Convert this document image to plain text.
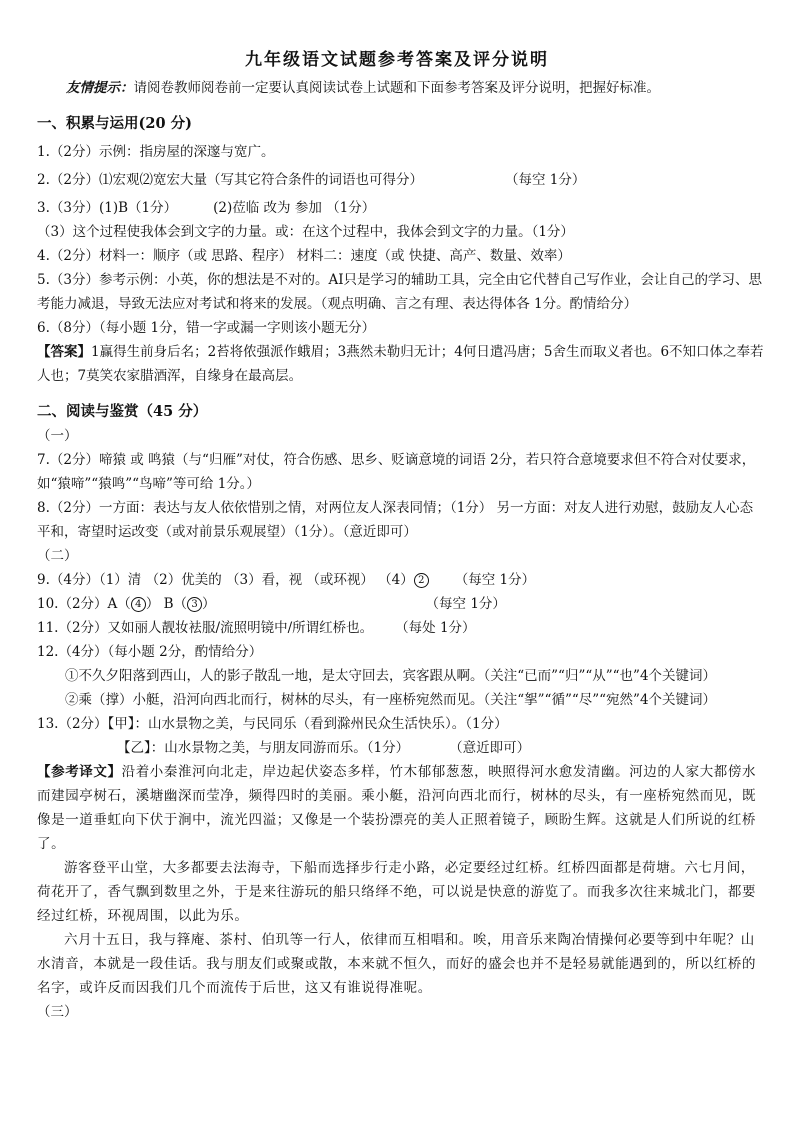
九年级语文试题参考答案及评分说明
友情提示：请阅卷教师阅卷前一定要认真阅读试卷上试题和下面参考答案及评分说明，把握好标准。
一、积累与运用(20 分)
1.（2分）示例：指房屋的深邃与宽广。
2.（2分）⑴宏观⑵宽宏大量（写其它符合条件的词语也可得分）	（每空 1分）
3.（3分）(1)B（1分）	(2)莅临 改为 参加 （1分）
（3）这个过程使我体会到文字的力量。或：在这个过程中，我体会到文字的力量。（1分）
4.（2分）材料一：顺序（或 思路、程序） 材料二：速度（或 快捷、高产、数量、效率）
5.（3分）参考示例：小英，你的想法是不对的。AI只是学习的辅助工具，完全由它代替自己写作业，会让自己的学习、思考能力减退，导致无法应对考试和将来的发展。（观点明确、言之有理、表达得体各 1分。酌情给分）
6.（8分）（每小题 1分，错一字或漏一字则该小题无分）
【答案】1赢得生前身后名；2苔将侬强派作蛾眉；3燕然未勒归无计；4何日遣冯唐；5舍生而取义者也。6不知口体之奉若人也；7莫笑农家腊酒浑，自缘身在最高层。
二、阅读与鉴赏（45 分）
（一）
7.（2分）啼猿 或 鸣猿（与“归雁”对仗，符合伤感、思乡、贬谪意境的词语 2分，若只符合意境要求但不符合对仗要求，如“猿啼”“猿鸣”“鸟啼”等可给 1分。）
8.（2分）一方面：表达与友人依依惜别之情，对两位友人深表同情；（1分） 另一方面：对友人进行劝慰，鼓励友人心态平和，寄望时运改变（或对前景乐观展望）（1分）。（意近即可）
（二）
9.（4分）（1）清 （2）优美的 （3）看，视 （或环视） （4） 2 （每空 1分）
10.（2分）A（ 4 ） B（ 3 ）	（每空 1分）
11.（2分）又如丽人靓妆袪服/流照明镜中/所谓红桥也。 （每处 1分）
12.（4分）（每小题 2分，酌情给分）
①不久夕阳落到西山，人的影子散乱一地，是太守回去，宾客跟从啊。（关注“已而”“归”“从”“也”4个关键词）
②乘（撑）小艇，沿河向西北而行，树林的尽头，有一座桥宛然而见。（关注“挐”“循”“尽”“宛然”4个关键词）
13.（2分）【甲】：山水景物之美，与民同乐（看到滁州民众生活快乐）。（1分）
【乙】：山水景物之美，与朋友同游而乐。（1分）	（意近即可）
【参考译文】沿着小秦淮河向北走，岸边起伏姿态多样，竹木郁郁葱葱，映照得河水愈发清幽。河边的人家大都傍水而建园亭树石，溪塘幽深而莹净，频得四时的美丽。乘小艇，沿河向西北而行，树林的尽头，有一座桥宛然而见，既像是一道垂虹向下伏于涧中，流光四溢；又像是一个装扮漂亮的美人正照着镜子，顾盼生辉。这就是人们所说的红桥了。
游客登平山堂，大多都要去法海寺，下船而选择步行走小路，必定要经过红桥。红桥四面都是荷塘。六七月间，荷花开了，香气飘到数里之外，于是来往游玩的船只络绎不绝，可以说是快意的游览了。而我多次往来城北门，都要经过红桥，环视周围，以此为乐。
六月十五日，我与箨庵、茶村、伯玑等一行人，依律而互相唱和。唉，用音乐来陶冶情操何必要等到中年呢？山水清音，本就是一段佳话。我与朋友们或聚或散，本来就不恒久，而好的盛会也并不是轻易就能遇到的，所以红桥的名字，或许反而因我们几个而流传于后世，这又有谁说得准呢。
（三）
